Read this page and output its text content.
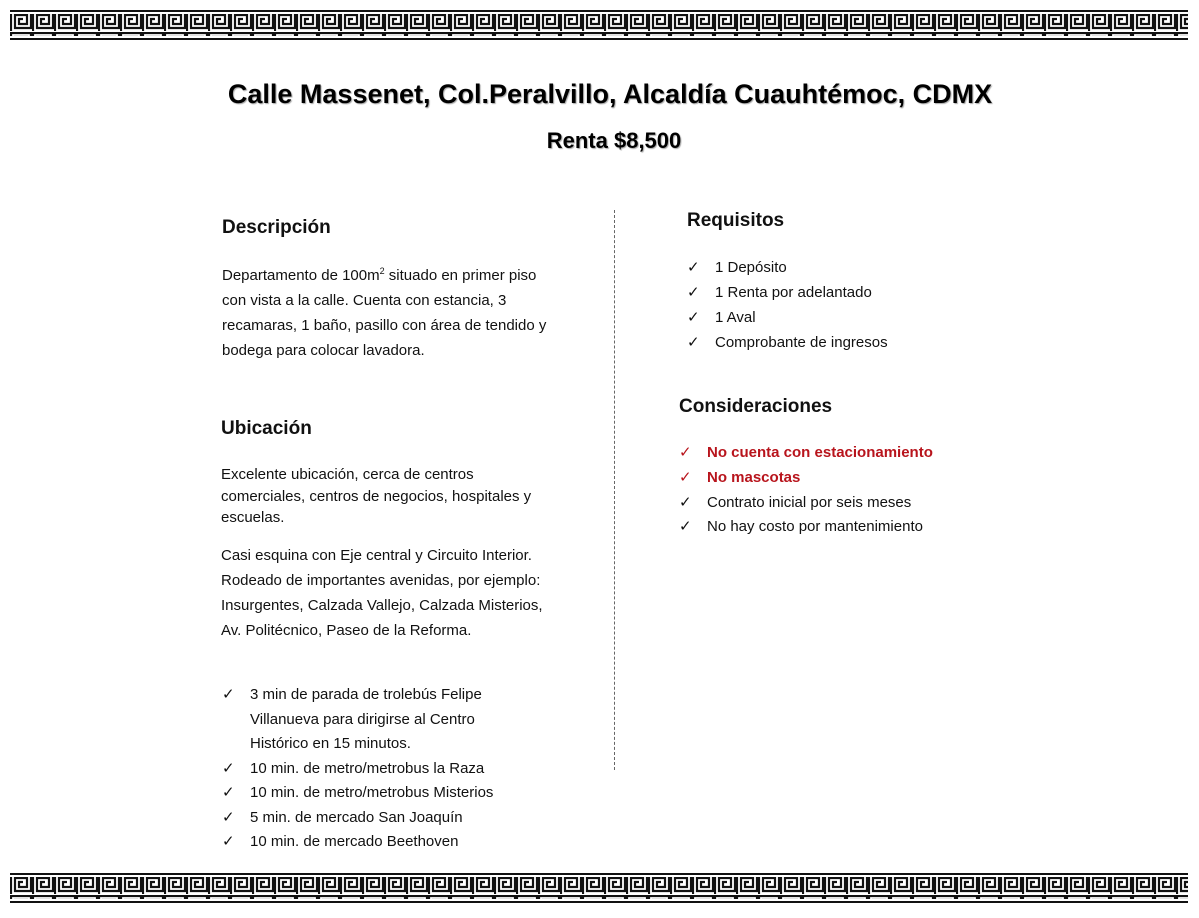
Calle Massenet, Col.Peralvillo, Alcaldía Cuauhtémoc, CDMX

Renta $8,500

Descripción

Departamento de $100m^2$ situado en primer piso con vista a la calle. Cuenta con estancia, 3 recamaras, 1 baño, pasillo con área de tendido y bodega para colocar lavadora.

Ubicación

Excelente ubicación, cerca de centros comerciales, centros de negocios, hospitales y escuelas.

Casi esquina con Eje central y Circuito Interior. Rodeado de importantes avenidas, por ejemplo: Insurgentes, Calzada Vallejo, Calzada Misterios, Av. Politécnico, Paseo de la Reforma.

✓ 3 min de parada de trolebús Felipe Villanueva para dirigirse al Centro Histórico en 15 minutos.
✓ 10 min. de metro/metrobus la Raza
✓ 10 min. de metro/metrobus Misterios
✓ 5 min. de mercado San Joaquín
✓ 10 min. de mercado Beethoven
Requisitos
✓ 1 Depósito
✓ 1 Renta por adelantado
✓ 1 Aval
✓ Comprobante de ingresos
Consideraciones
✓ No cuenta con estacionamiento
✓ No mascotas
✓ Contrato inicial por seis meses
✓ No hay costo por mantenimiento
